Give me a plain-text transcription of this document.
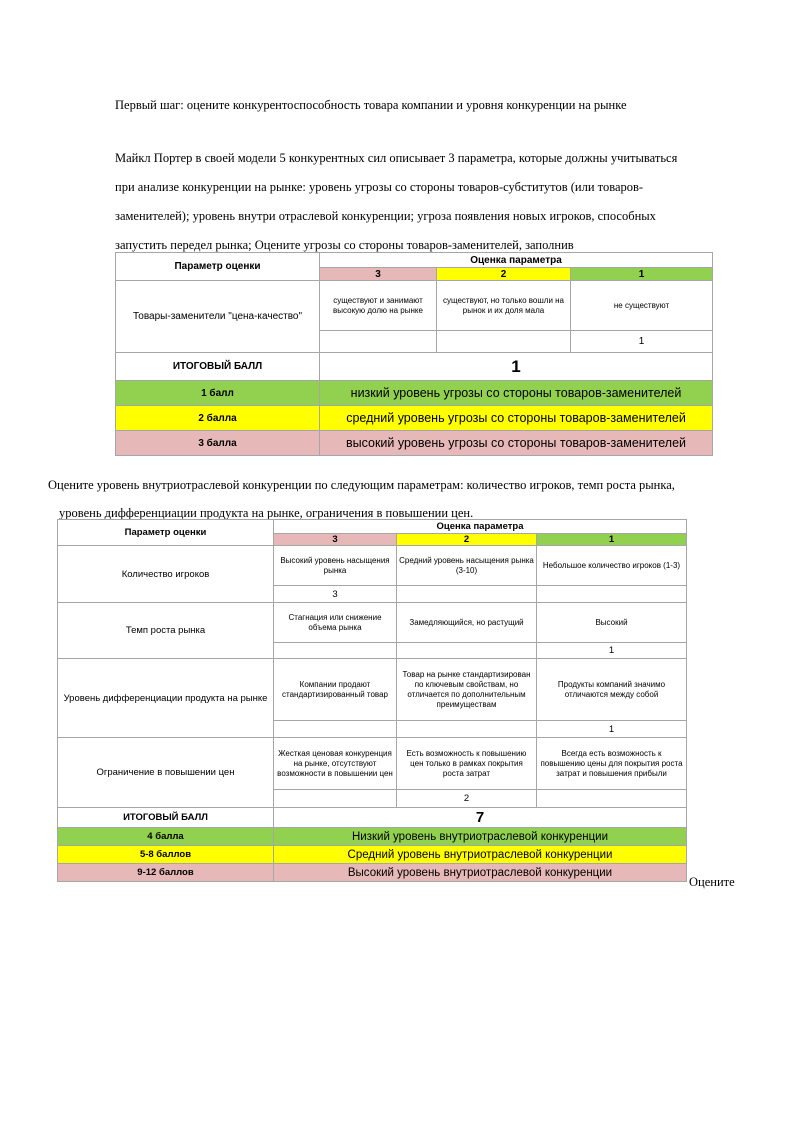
Первый шаг: оцените конкурентоспособность товара компании и уровня конкуренции на рынке
Майкл Портер в своей модели 5 конкурентных сил описывает 3 параметра, которые должны учитываться
при анализе конкуренции на рынке: уровень угрозы со стороны товаров-субститутов (или товаров-
заменителей); уровень внутри отраслевой конкуренции; угроза появления новых игроков, способных
запустить передел рынка; Оцените угрозы со стороны товаров-заменителей, заполнив
Параметр оценки	Оценка параметра		
	3	2	1
Товары-заменители "цена-качество"	существуют и занимают высокую долю на рынке	существуют, но только вошли на рынок и их доля мала	не существуют
			1
ИТОГОВЫЙ БАЛЛ	1		
1 балл	низкий уровень угрозы со стороны товаров-заменителей		
2 балла	средний уровень угрозы со стороны товаров-заменителей		
3 балла	высокий уровень угрозы со стороны товаров-заменителей		
Оцените уровень внутриотраслевой конкуренции по следующим параметрам: количество игроков, темп роста рынка,
уровень дифференциации продукта на рынке, ограничения в повышении цен.
Параметр оценки	Оценка параметра		
	3	2	1
Количество игроков	Высокий уровень насыщения рынка	Средний уровень насыщения рынка (3-10)	Небольшое количество игроков (1-3)
	3		
Темп роста рынка	Стагнация или снижение объема рынка	Замедляющийся, но растущий	Высокий
			1
Уровень дифференциации продукта на рынке	Компании продают стандартизированный товар	Товар на рынке стандартизирован по ключевым свойствам, но отличается по дополнительным преимуществам	Продукты компаний значимо отличаются между собой
			1
Ограничение в повышении цен	Жесткая ценовая конкуренция на рынке, отсутствуют возможности в повышении цен	Есть возможность к повышению цен только в рамках покрытия роста затрат	Всегда есть возможность к повышению цены для покрытия роста затрат и повышения прибыли
		2	
ИТОГОВЫЙ БАЛЛ	7		
4 балла	Низкий уровень внутриотраслевой конкуренции		
5-8 баллов	Средний уровень внутриотраслевой конкуренции		
9-12 баллов	Высокий уровень внутриотраслевой конкуренции		
Оцените
